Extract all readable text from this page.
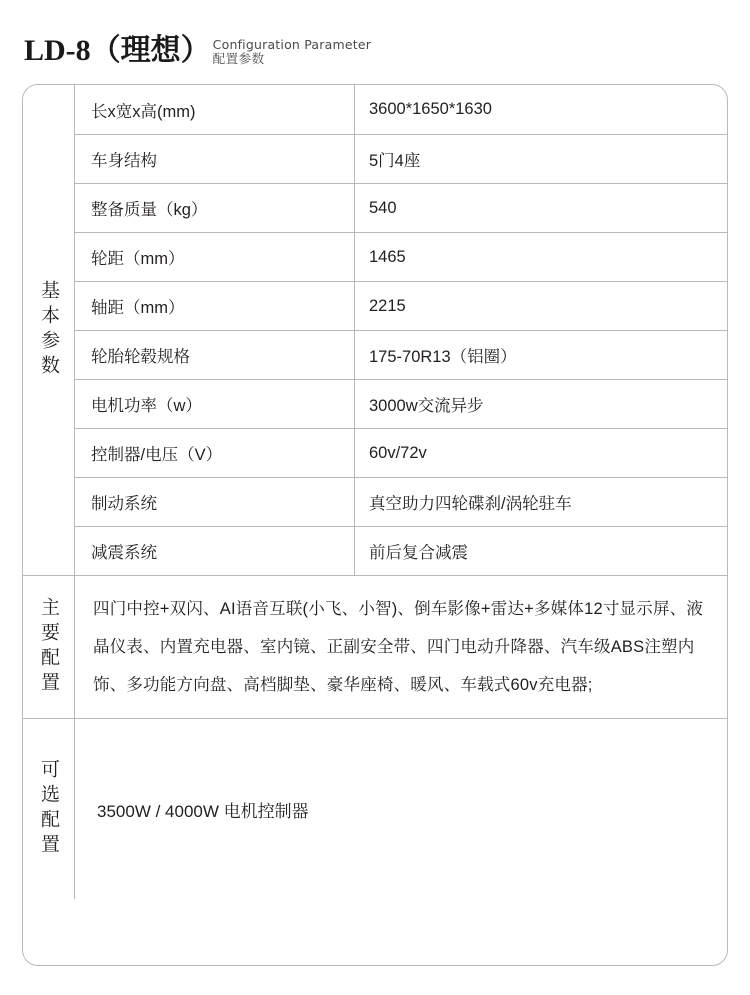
LD-8（理想） Configuration Parameter
配置参数
基本参数
长x宽x高(mm)	3600*1650*1630
车身结构	5门4座
整备质量（kg）	540
轮距（mm）	1465
轴距（mm）	2215
轮胎轮毂规格	175-70R13（铝圈）
电机功率（w）	3000w交流异步
控制器/电压（V）	60v/72v
制动系统	真空助力四轮碟刹/涡轮驻车
减震系统	前后复合减震
主要配置 四门中控+双闪、AI语音互联(小飞、小智)、倒车影像+雷达+多媒体12寸显示屏、液晶仪表、内置充电器、室内镜、正副安全带、四门电动升降器、汽车级ABS注塑内饰、多功能方向盘、高档脚垫、豪华座椅、暖风、车载式60v充电器;
可选配置 3500W / 4000W 电机控制器
